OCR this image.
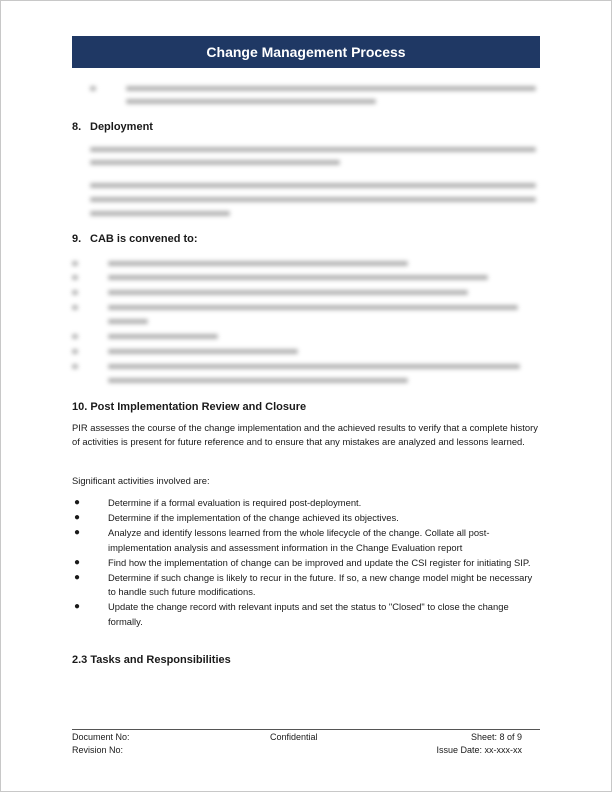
Change Management Process
8. Deployment
9. CAB is convened to:
10. Post Implementation Review and Closure
PIR assesses the course of the change implementation and the achieved results to verify that a complete history of activities is present for future reference and to ensure that any mistakes are analyzed and lessons learned.
Significant activities involved are:
●	Determine if a formal evaluation is required post-deployment.
●	Determine if the implementation of the change achieved its objectives.
●	Analyze and identify lessons learned from the whole lifecycle of the change. Collate all post-implementation analysis and assessment information in the Change Evaluation report
●	Find how the implementation of change can be improved and update the CSI register for initiating SIP.
●	Determine if such change is likely to recur in the future. If so, a new change model might be necessary to handle such future modifications.
●	Update the change record with relevant inputs and set the status to "Closed" to close the change formally.
2.3 Tasks and Responsibilities
Document No:
Revision No:
Confidential	Sheet: 8 of 9
Issue Date: xx-xxx-xx
